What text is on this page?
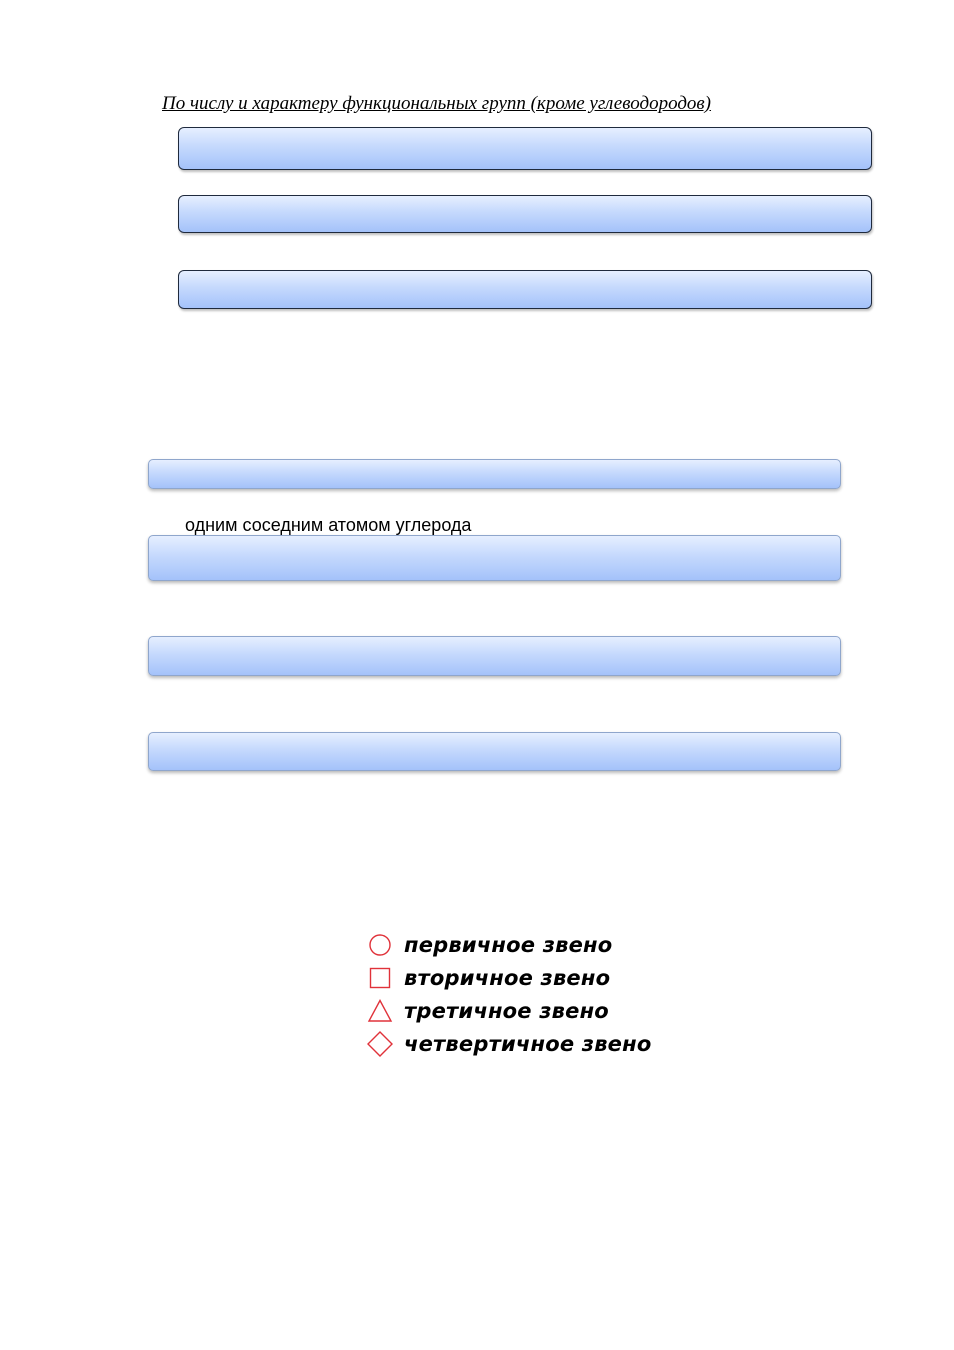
По числу и характеру функциональных групп (кроме углеводородов)
одним соседним атомом углерода
первичное звено
вторичное звено
третичное звено
четвертичное звено
